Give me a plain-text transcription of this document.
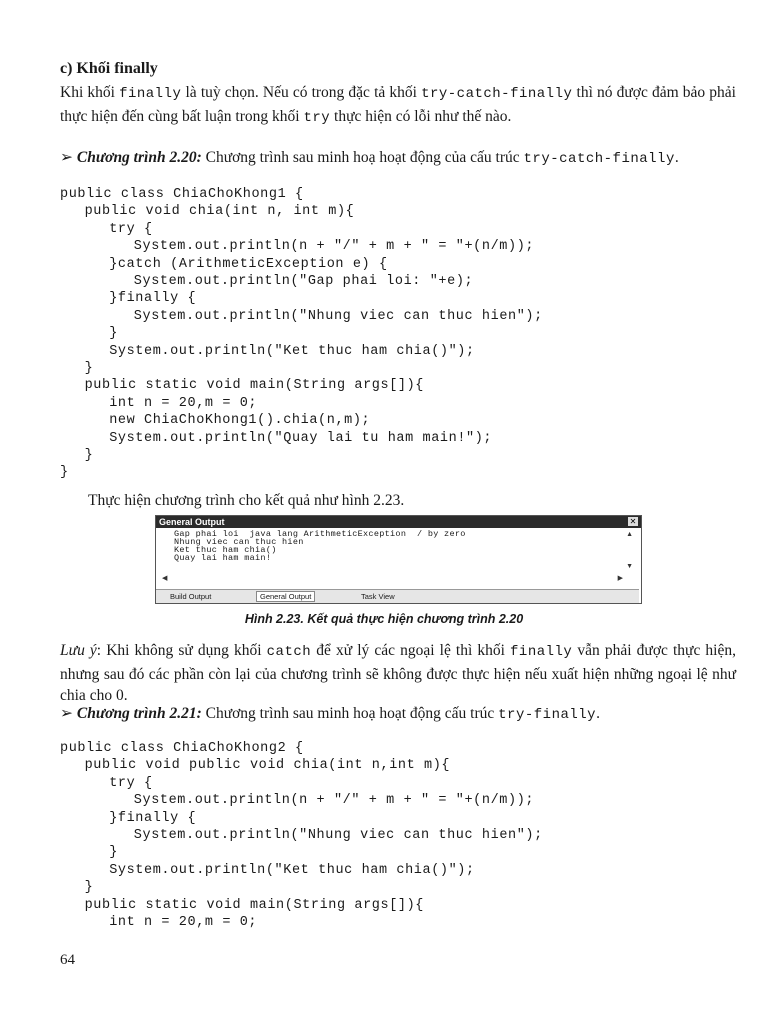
c) Khối finally
Khi khối finally là tuỳ chọn. Nếu có trong đặc tả khối try-catch-finally thì nó được đảm bảo phải thực hiện đến cùng bất luận trong khối try thực hiện có lỗi như thế nào.
➢ Chương trình 2.20: Chương trình sau minh hoạ hoạt động của cấu trúc try-catch-finally.
public class ChiaChoKhong1 {
public void chia(int n, int m){
try {
System.out.println(n + "/" + m + " = "+(n/m));
}catch (ArithmeticException e) {
System.out.println("Gap phai loi: "+e);
}finally {
System.out.println("Nhung viec can thuc hien");
}
System.out.println("Ket thuc ham chia()");
}
public static void main(String args[]){
int n = 20,m = 0;
new ChiaChoKhong1().chia(n,m);
System.out.println("Quay lai tu ham main!");
}
}
Thực hiện chương trình cho kết quả như hình 2.23.
General Output	✕
Gap phai loi  java lang ArithmeticException  / by zero
Nhung viec can thuc hien
Ket thuc ham chia()
Quay lai ham main!
▲
▼
◀	▶
Build Output	General Output	Task View
Hình 2.23. Kết quả thực hiện chương trình 2.20
Lưu ý: Khi không sử dụng khối catch để xử lý các ngoại lệ thì khối finally vẫn phải được thực hiện, nhưng sau đó các phần còn lại của chương trình sẽ không được thực hiện nếu xuất hiện những ngoại lệ như chia cho 0.
➢ Chương trình 2.21: Chương trình sau minh hoạ hoạt động cấu trúc try-finally.
public class ChiaChoKhong2 {
public void public void chia(int n,int m){
try {
System.out.println(n + "/" + m + " = "+(n/m));
}finally {
System.out.println("Nhung viec can thuc hien");
}
System.out.println("Ket thuc ham chia()");
}
public static void main(String args[]){
int n = 20,m = 0;
64
